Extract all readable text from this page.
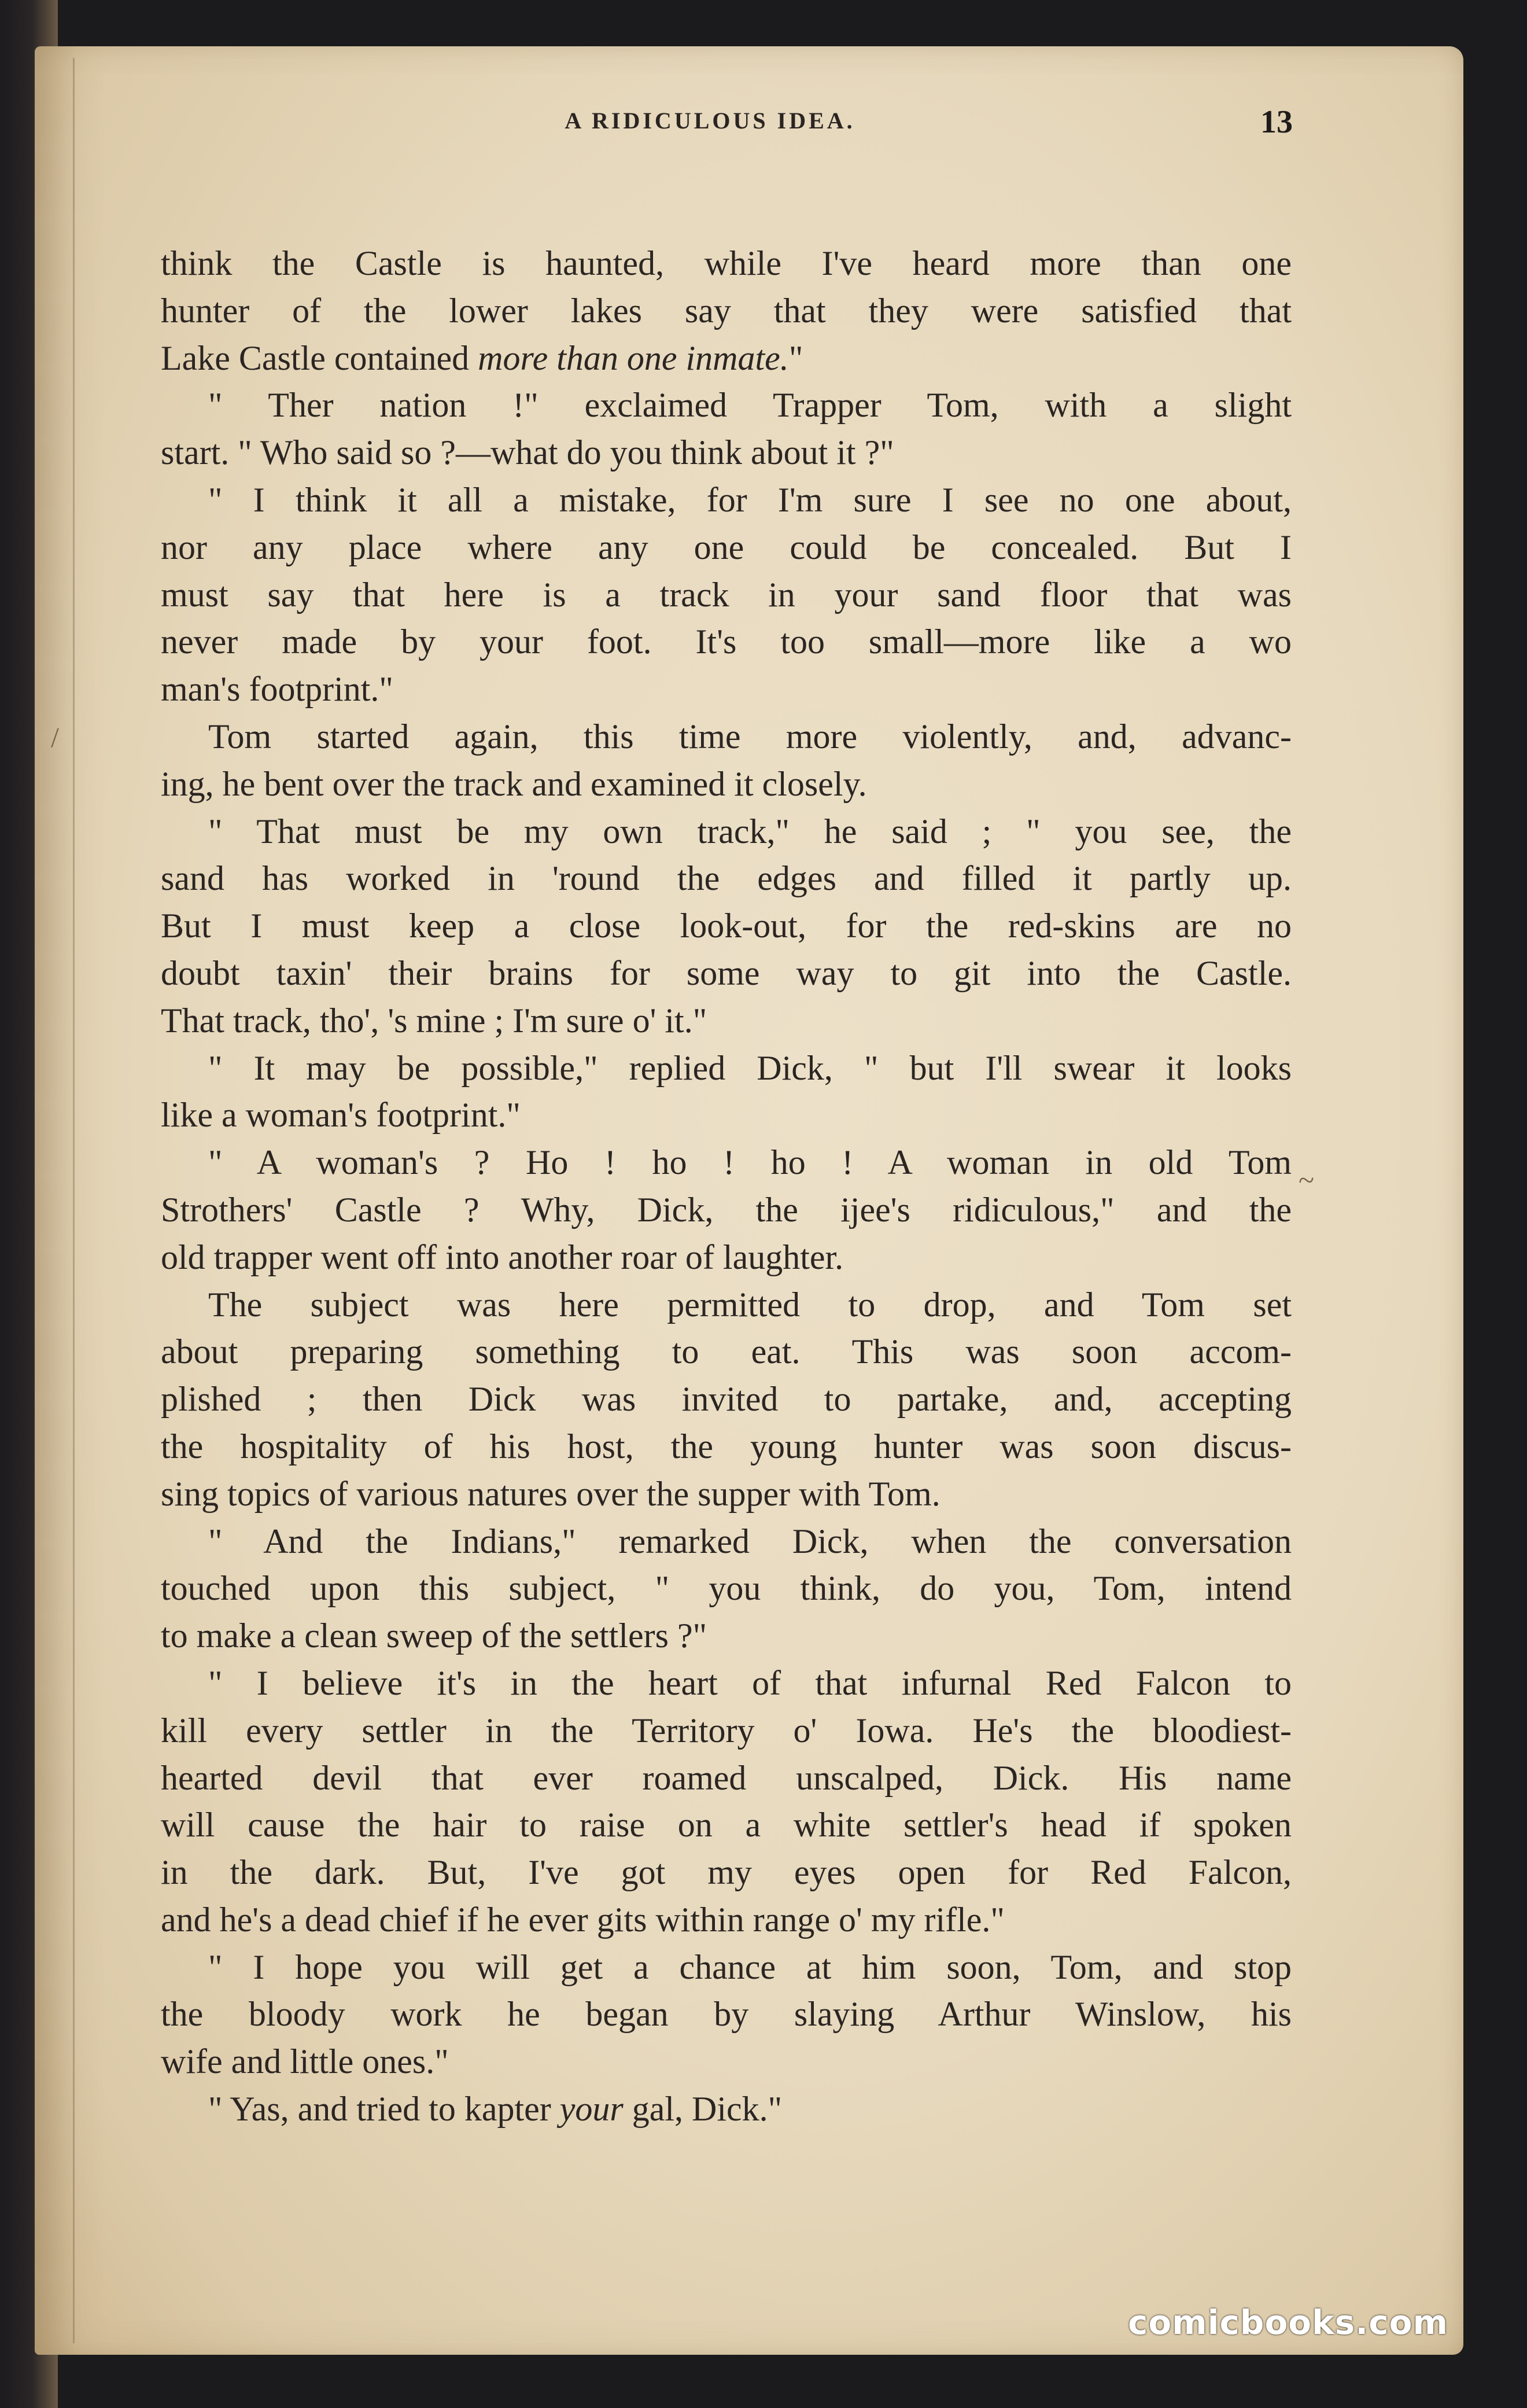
A RIDICULOUS IDEA.	13

think the Castle is haunted, while I've heard more than one
hunter of the lower lakes say that they were satisfied that
Lake Castle contained more than one inmate."

" Ther nation !" exclaimed Trapper Tom, with a slight
start. " Who said so ?—what do you think about it ?"

" I think it all a mistake, for I'm sure I see no one about,
nor any place where any one could be concealed. But I
must say that here is a track in your sand floor that was
never made by your foot. It's too small—more like a wo
man's footprint."

Tom started again, this time more violently, and, advanc-
ing, he bent over the track and examined it closely.

" That must be my own track," he said ; " you see, the
sand has worked in 'round the edges and filled it partly up.
But I must keep a close look-out, for the red-skins are no
doubt taxin' their brains for some way to git into the Castle.
That track, tho', 's mine ; I'm sure o' it."

" It may be possible," replied Dick, " but I'll swear it looks
like a woman's footprint."

" A woman's ? Ho ! ho ! ho ! A woman in old Tom
Strothers' Castle ? Why, Dick, the ijee's ridiculous," and the
old trapper went off into another roar of laughter.

The subject was here permitted to drop, and Tom set
about preparing something to eat. This was soon accom-
plished ; then Dick was invited to partake, and, accepting
the hospitality of his host, the young hunter was soon discus-
sing topics of various natures over the supper with Tom.

" And the Indians," remarked Dick, when the conversation
touched upon this subject, " you think, do you, Tom, intend
to make a clean sweep of the settlers ?"

" I believe it's in the heart of that infurnal Red Falcon to
kill every settler in the Territory o' Iowa. He's the bloodiest-
hearted devil that ever roamed unscalped, Dick. His name
will cause the hair to raise on a white settler's head if spoken
in the dark. But, I've got my eyes open for Red Falcon,
and he's a dead chief if he ever gits within range o' my rifle."

" I hope you will get a chance at him soon, Tom, and stop
the bloody work he began by slaying Arthur Winslow, his
wife and little ones."

" Yas, and tried to kapter your gal, Dick."

~
/
comicbooks.com
